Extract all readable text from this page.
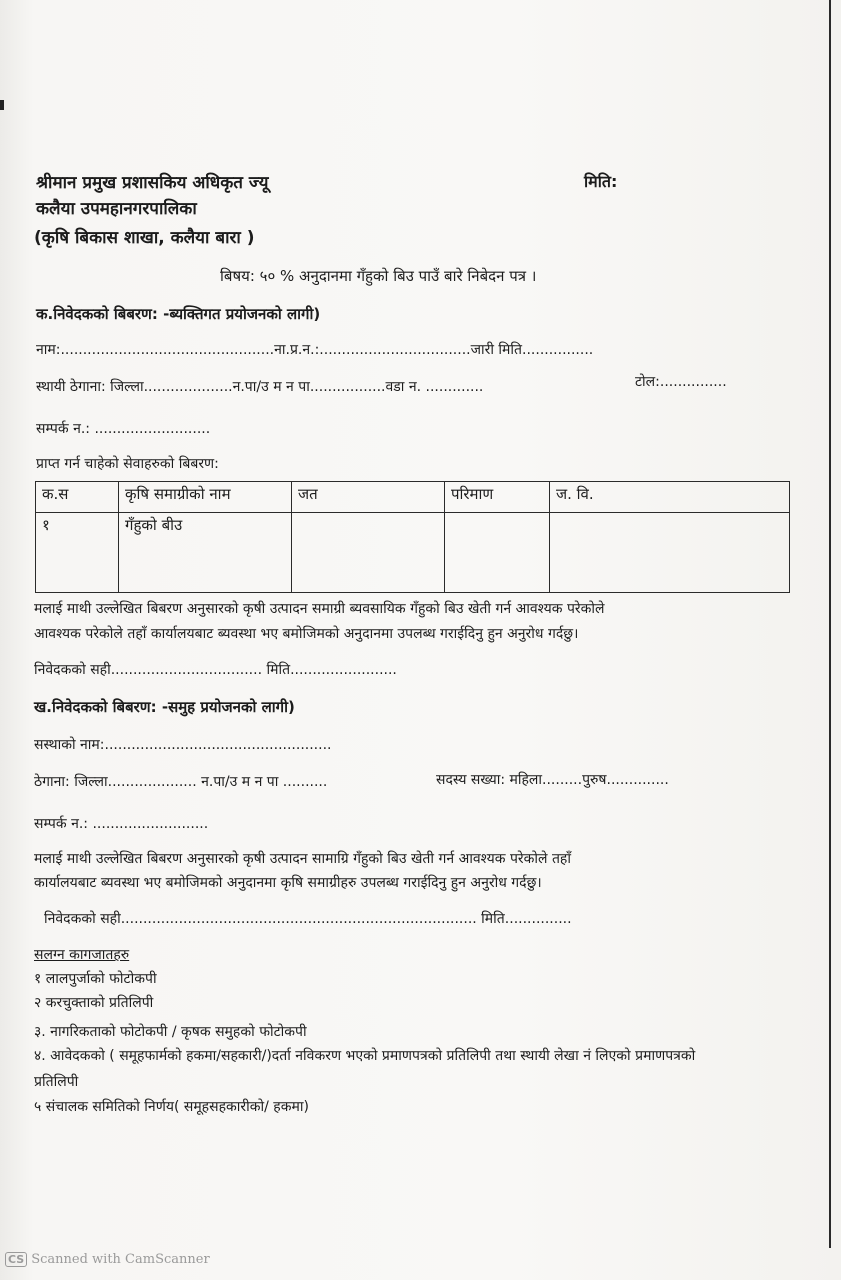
श्रीमान प्रमुख प्रशासकिय अधिकृत ज्यू
कलैया उपमहानगरपालिका
(कृषि बिकास शाखा, कलैया बारा )
मिति:
बिषय: ५० % अनुदानमा गँहुको बिउ पाउँ बारे निबेदन पत्र ।
क.निवेदकको बिबरण: -ब्यक्तिगत प्रयोजनको लागी)
नाम:................................................ना.प्र.न.:..................................जारी मिति................
स्थायी ठेगाना: जिल्ला....................न.पा/उ म न पा.................वडा न. .............	टोल:...............
सम्पर्क न.: ..........................
प्राप्त गर्न चाहेको सेवाहरुको बिबरण:
क.स	कृषि समाग्रीको नाम	जत	परिमाण	ज. वि.
१	गँहुको बीउ			
मलाई माथी उल्लेखित बिबरण अनुसारको कृषी उत्पादन समाग्री ब्यवसायिक गँहुको बिउ खेती गर्न आवश्यक परेकोले
आवश्यक परेकोले तहाँ कार्यालयबाट ब्यवस्था भए बमोजिमको अनुदानमा उपलब्ध गराईदिनु हुन अनुरोध गर्दछु।
निवेदकको सही.................................. मिति........................
ख.निवेदकको बिबरण: -समुह प्रयोजनको लागी)
सस्थाको नाम:...................................................
ठेगाना: जिल्ला.................... न.पा/उ म न पा ..........	सदस्य सख्या: महिला.........पुरुष..............
सम्पर्क न.: ..........................
मलाई माथी उल्लेखित बिबरण अनुसारको कृषी उत्पादन सामाग्रि गँहुको बिउ खेती गर्न आवश्यक परेकोले तहाँ
कार्यालयबाट ब्यवस्था भए बमोजिमको अनुदानमा कृषि समाग्रीहरु उपलब्ध गराईदिनु हुन अनुरोध गर्दछु।
निवेदकको सही................................................................................ मिति...............
सलग्न कागजातहरु
१ लालपुर्जाको फोटोकपी
२ करचुक्ताको प्रतिलिपी
३. नागरिकताको फोटोकपी / कृषक समुहको फोटोकपी
४. आवेदकको ( समूहफार्मको हकमा/सहकारी/)दर्ता नविकरण भएको प्रमाणपत्रको प्रतिलिपी तथा स्थायी लेखा नं लिएको प्रमाणपत्रको
प्रतिलिपी
५ संचालक समितिको निर्णय( समूहसहकारीको/ हकमा)
CS Scanned with CamScanner
